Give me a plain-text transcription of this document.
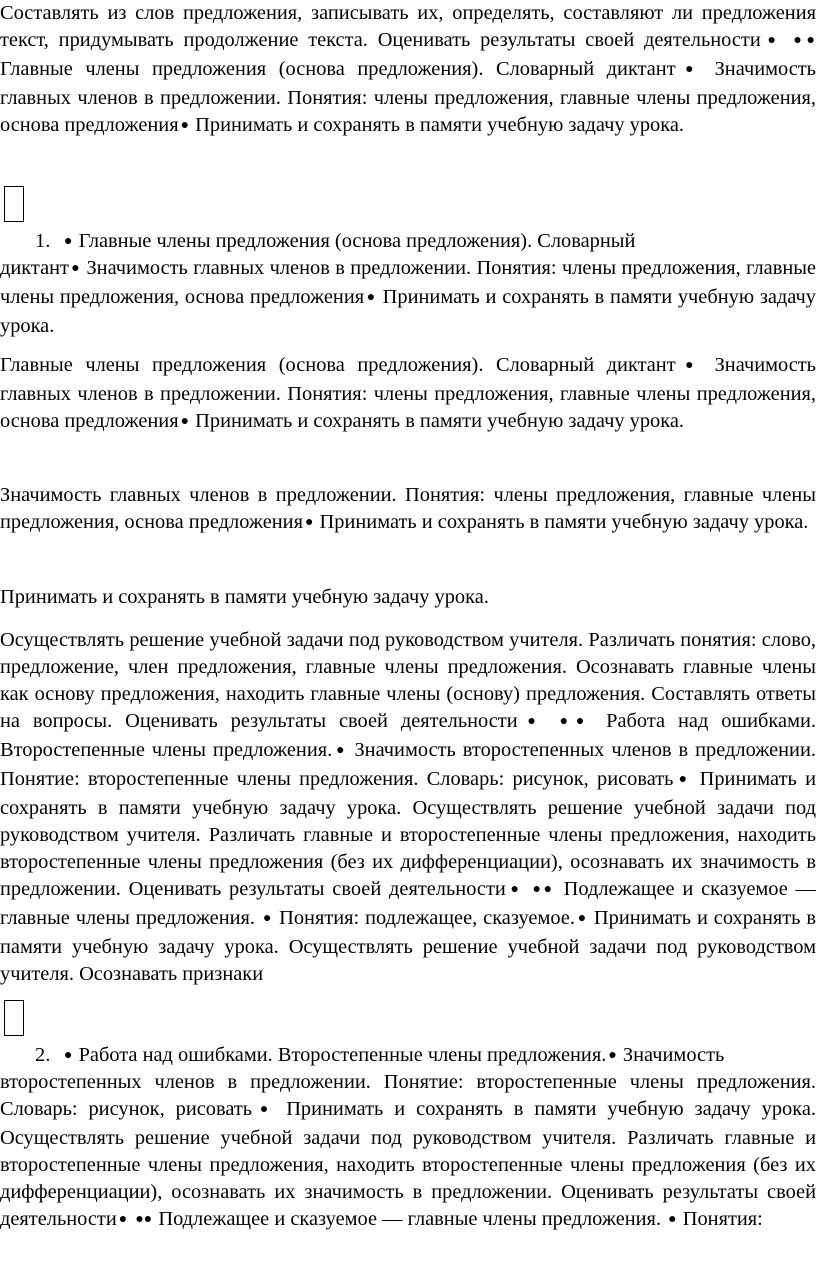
Составлять из слов предложения, записывать их, определять, составляют ли предложения текст, придумывать продолжение текста. Оценивать результаты своей деятельности ● ●● Главные члены предложения (основа предложения). Словарный диктант ● Значимость главных членов в предложении. Понятия: члены предложения, главные члены предложения, основа предложения ● Принимать и сохранять в памяти учебную задачу урока.

1. ● Главные члены предложения (основа предложения). Словарный

диктант ● Значимость главных членов в предложении. Понятия: члены предложения, главные члены предложения, основа предложения ● Принимать и сохранять в памяти учебную задачу урока.

Главные члены предложения (основа предложения). Словарный диктант ● Значимость главных членов в предложении. Понятия: члены предложения, главные члены предложения, основа предложения ● Принимать и сохранять в памяти учебную задачу урока.

Значимость главных членов в предложении. Понятия: члены предложения, главные члены предложения, основа предложения ● Принимать и сохранять в памяти учебную задачу урока.

Принимать и сохранять в памяти учебную задачу урока.

Осуществлять решение учебной задачи под руководством учителя. Различать понятия: слово, предложение, член предложения, главные члены предложения. Осознавать главные члены как основу предложения, находить главные члены (основу) предложения. Составлять ответы на вопросы. Оценивать результаты своей деятельности ● ●● Работа над ошибками. Второстепенные члены предложения. ● Значимость второстепенных членов в предложении. Понятие: второстепенные члены предложения. Словарь: рисунок, рисовать ● Принимать и сохранять в памяти учебную задачу урока. Осуществлять решение учебной задачи под руководством учителя. Различать главные и второстепенные члены предложения, находить второстепенные члены предложения (без их дифференциации), осознавать их значимость в предложении. Оценивать результаты своей деятельности ● ●● Подлежащее и сказуемое — главные члены предложения. ● Понятия: подлежащее, сказуемое. ● Принимать и сохранять в памяти учебную задачу урока. Осуществлять решение учебной задачи под руководством учителя. Осознавать признаки

2. ● Работа над ошибками. Второстепенные члены предложения. ● Значимость

второстепенных членов в предложении. Понятие: второстепенные члены предложения. Словарь: рисунок, рисовать ● Принимать и сохранять в памяти учебную задачу урока. Осуществлять решение учебной задачи под руководством учителя. Различать главные и второстепенные члены предложения, находить второстепенные члены предложения (без их дифференциации), осознавать их значимость в предложении. Оценивать результаты своей деятельности ● ●● Подлежащее и сказуемое — главные члены предложения. ● Понятия:
